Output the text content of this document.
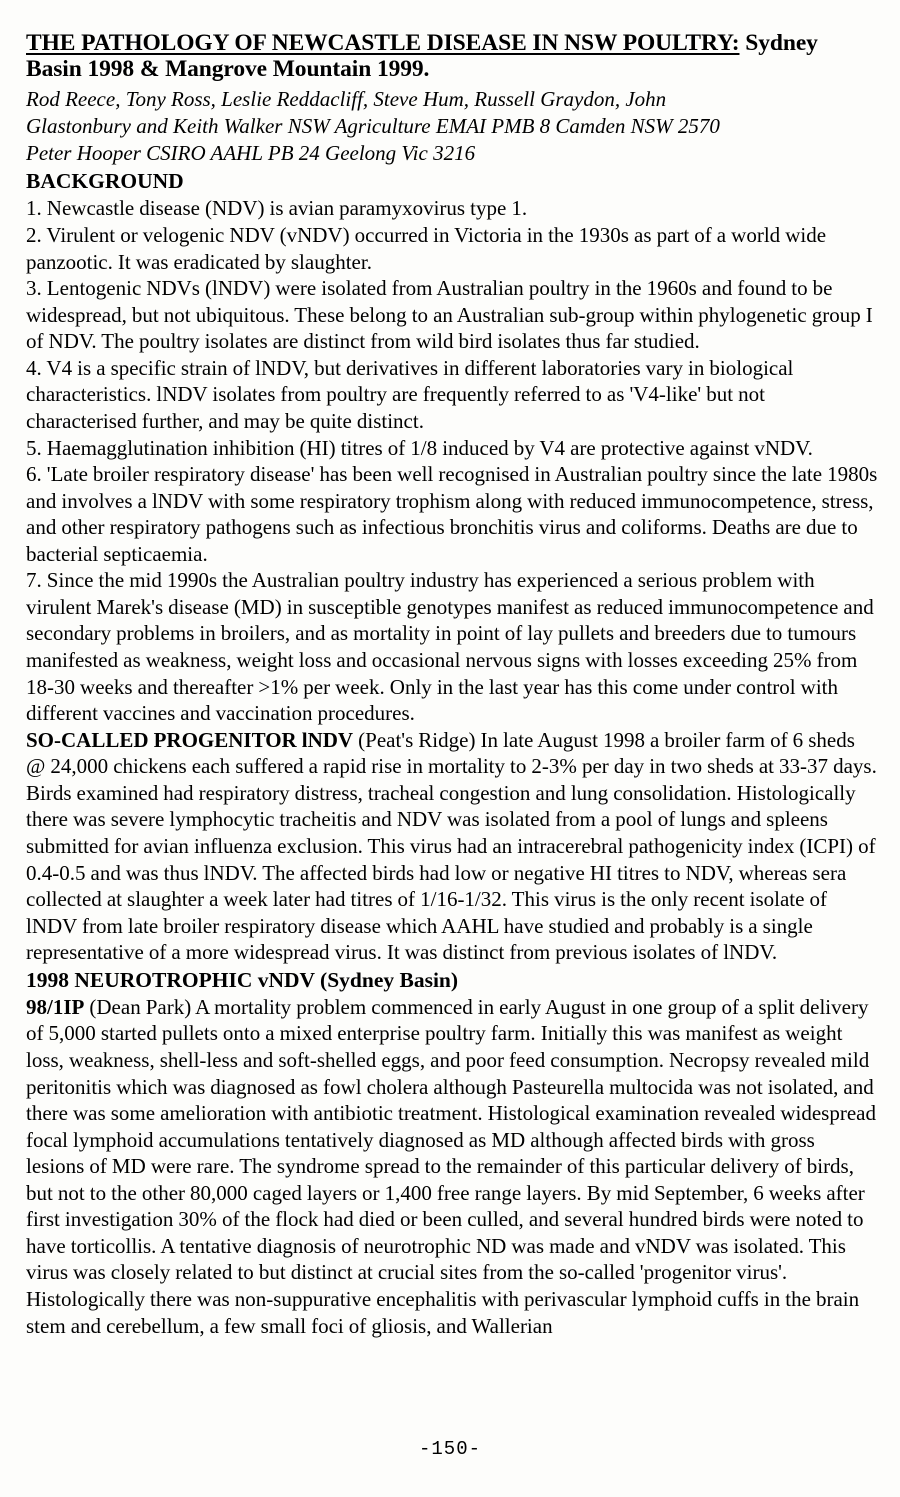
THE PATHOLOGY OF NEWCASTLE DISEASE IN NSW POULTRY: Sydney
Basin 1998 & Mangrove Mountain 1999.
Rod Reece, Tony Ross, Leslie Reddacliff, Steve Hum, Russell Graydon, John
Glastonbury and Keith Walker NSW Agriculture EMAI PMB 8 Camden NSW 2570
Peter Hooper CSIRO AAHL PB 24 Geelong Vic 3216
BACKGROUND

1. Newcastle disease (NDV) is avian paramyxovirus type 1.

2. Virulent or velogenic NDV (vNDV) occurred in Victoria in the 1930s as part of a world wide panzootic. It was eradicated by slaughter.

3. Lentogenic NDVs (lNDV) were isolated from Australian poultry in the 1960s and found to be widespread, but not ubiquitous. These belong to an Australian sub-group within phylogenetic group I of NDV. The poultry isolates are distinct from wild bird isolates thus far studied.

4. V4 is a specific strain of lNDV, but derivatives in different laboratories vary in biological characteristics. lNDV isolates from poultry are frequently referred to as 'V4-like' but not characterised further, and may be quite distinct.

5. Haemagglutination inhibition (HI) titres of 1/8 induced by V4 are protective against vNDV.

6. 'Late broiler respiratory disease' has been well recognised in Australian poultry since the late 1980s and involves a lNDV with some respiratory trophism along with reduced immunocompetence, stress, and other respiratory pathogens such as infectious bronchitis virus and coliforms. Deaths are due to bacterial septicaemia.

7. Since the mid 1990s the Australian poultry industry has experienced a serious problem with virulent Marek's disease (MD) in susceptible genotypes manifest as reduced immunocompetence and secondary problems in broilers, and as mortality in point of lay pullets and breeders due to tumours manifested as weakness, weight loss and occasional nervous signs with losses exceeding 25% from 18-30 weeks and thereafter >1% per week. Only in the last year has this come under control with different vaccines and vaccination procedures.

SO-CALLED PROGENITOR lNDV (Peat's Ridge) In late August 1998 a broiler farm of 6 sheds @ 24,000 chickens each suffered a rapid rise in mortality to 2-3% per day in two sheds at 33-37 days. Birds examined had respiratory distress, tracheal congestion and lung consolidation. Histologically there was severe lymphocytic tracheitis and NDV was isolated from a pool of lungs and spleens submitted for avian influenza exclusion. This virus had an intracerebral pathogenicity index (ICPI) of 0.4-0.5 and was thus lNDV. The affected birds had low or negative HI titres to NDV, whereas sera collected at slaughter a week later had titres of 1/16-1/32. This virus is the only recent isolate of lNDV from late broiler respiratory disease which AAHL have studied and probably is a single representative of a more widespread virus. It was distinct from previous isolates of lNDV.

1998 NEUROTROPHIC vNDV (Sydney Basin)

98/1IP (Dean Park) A mortality problem commenced in early August in one group of a split delivery of 5,000 started pullets onto a mixed enterprise poultry farm. Initially this was manifest as weight loss, weakness, shell-less and soft-shelled eggs, and poor feed consumption. Necropsy revealed mild peritonitis which was diagnosed as fowl cholera although Pasteurella multocida was not isolated, and there was some amelioration with antibiotic treatment. Histological examination revealed widespread focal lymphoid accumulations tentatively diagnosed as MD although affected birds with gross lesions of MD were rare. The syndrome spread to the remainder of this particular delivery of birds, but not to the other 80,000 caged layers or 1,400 free range layers. By mid September, 6 weeks after first investigation 30% of the flock had died or been culled, and several hundred birds were noted to have torticollis. A tentative diagnosis of neurotrophic ND was made and vNDV was isolated. This virus was closely related to but distinct at crucial sites from the so-called 'progenitor virus'. Histologically there was non-suppurative encephalitis with perivascular lymphoid cuffs in the brain stem and cerebellum, a few small foci of gliosis, and Wallerian

-150-
